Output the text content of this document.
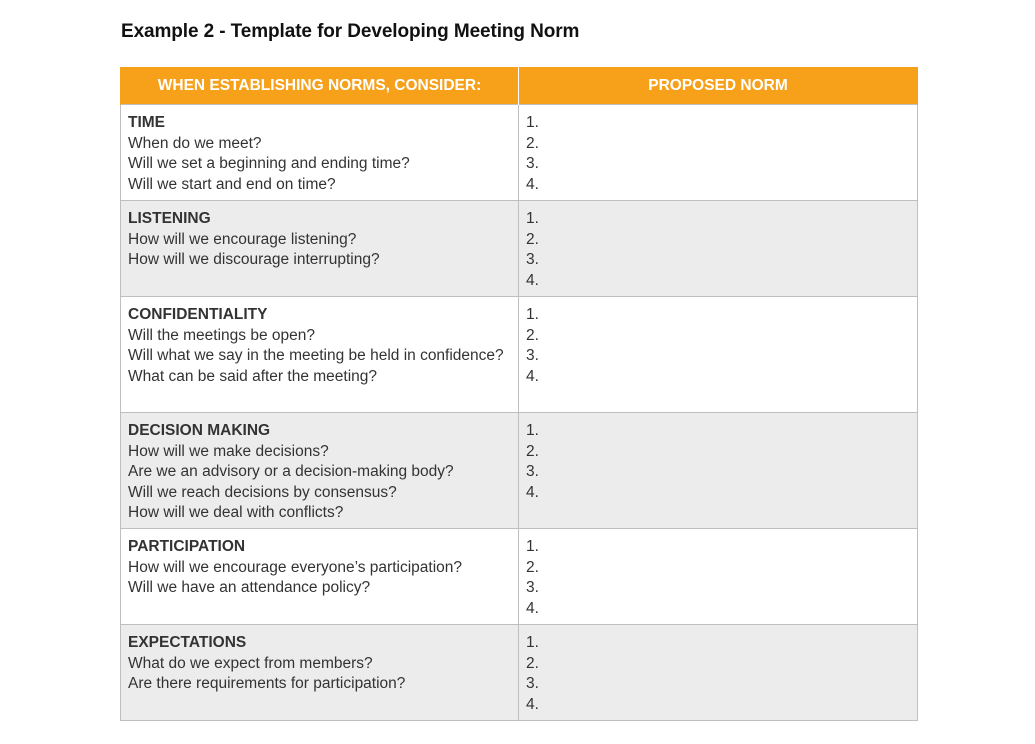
Example 2 - Template for Developing Meeting Norm
WHEN ESTABLISHING NORMS, CONSIDER:	PROPOSED NORM

TIME
When do we meet?
Will we set a beginning and ending time?
Will we start and end on time?	1.
2.
3.
4.

LISTENING
How will we encourage listening?
How will we discourage interrupting?	1.
2.
3.
4.

CONFIDENTIALITY
Will the meetings be open?
Will what we say in the meeting be held in confidence?
What can be said after the meeting?	1.
2.
3.
4.

DECISION MAKING
How will we make decisions?
Are we an advisory or a decision-making body?
Will we reach decisions by consensus?
How will we deal with conflicts?	1.
2.
3.
4.

PARTICIPATION
How will we encourage everyone’s participation?
Will we have an attendance policy?	1.
2.
3.
4.

EXPECTATIONS
What do we expect from members?
Are there requirements for participation?	1.
2.
3.
4.
